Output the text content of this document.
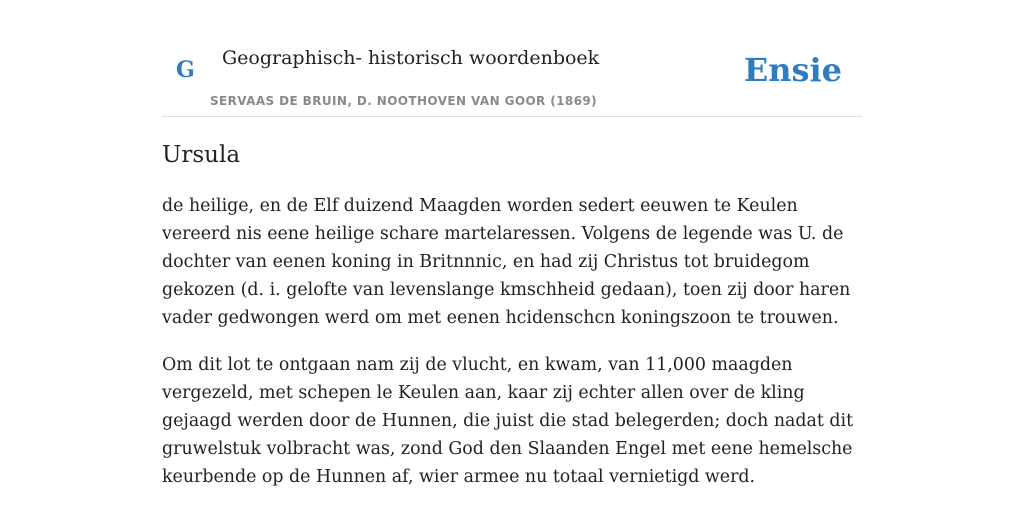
G Geographisch- historisch woordenboek
SERVAAS DE BRUIN, D. NOOTHOVEN VAN GOOR (1869)
Ensie
Ursula

de heilige, en de Elf duizend Maagden worden sedert eeuwen te Keulen vereerd nis eene heilige schare martelaressen. Volgens de legende was U. de dochter van eenen koning in Britnnnic, en had zij Christus tot bruidegom gekozen (d. i. gelofte van levenslange kmschheid gedaan), toen zij door haren vader gedwongen werd om met eenen hcidenschcn koningszoon te trouwen.

Om dit lot te ontgaan nam zij de vlucht, en kwam, van 11,000 maagden vergezeld, met schepen le Keulen aan, kaar zij echter allen over de kling gejaagd werden door de Hunnen, die juist die stad belegerden; doch nadat dit gruwelstuk volbracht was, zond God den Slaanden Engel met eene hemelsche keurbende op de Hunnen af, wier armee nu totaal vernietigd werd.
